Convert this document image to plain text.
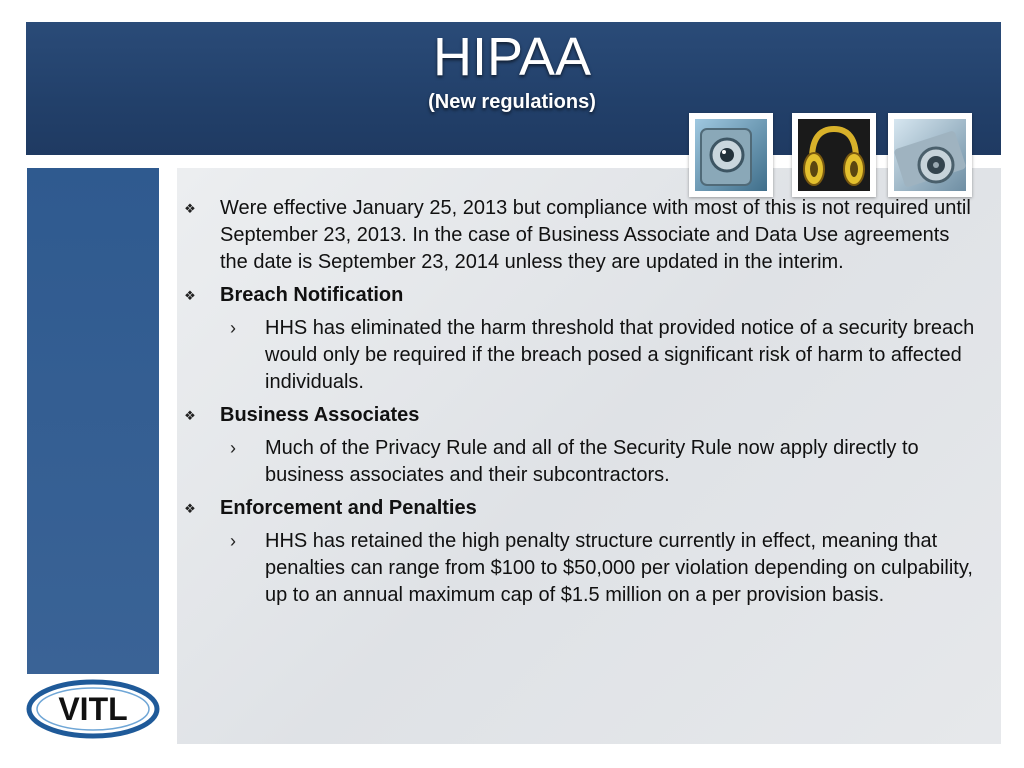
HIPAA
(New regulations)
❖ Were effective January 25, 2013 but compliance with most of this is not required until September 23, 2013. In the case of Business Associate and Data Use agreements the date is September 23, 2014 unless they are updated in the interim.
❖ Breach Notification
› HHS has eliminated the harm threshold that provided notice of a security breach would only be required if the breach posed a significant risk of harm to affected individuals.
❖ Business Associates
› Much of the Privacy Rule and all of the Security Rule now apply directly to business associates and their subcontractors.
❖ Enforcement and Penalties
› HHS has retained the high penalty structure currently in effect, meaning that penalties can range from $100 to $50,000 per violation depending on culpability, up to an annual maximum cap of $1.5 million on a per provision basis.
VITL
